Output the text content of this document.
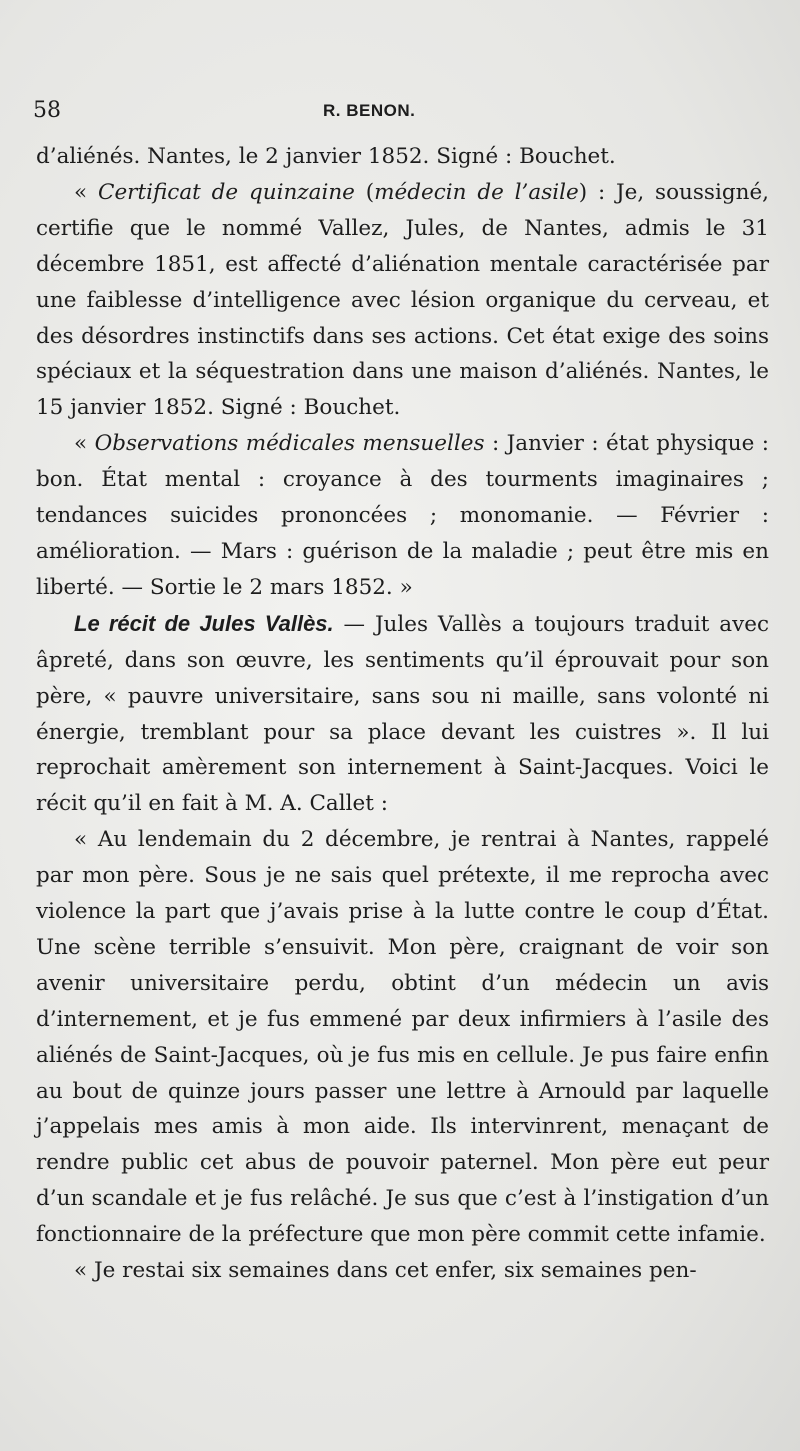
58	R. BENON.

d’aliénés. Nantes, le 2 janvier 1852. Signé : Bouchet.

« Certificat de quinzaine (médecin de l’asile) : Je, soussigné, certifie que le nommé Vallez, Jules, de Nantes, admis le 31 décembre 1851, est affecté d’aliénation mentale caractérisée par une faiblesse d’intelligence avec lésion organique du cerveau, et des désordres instinctifs dans ses actions. Cet état exige des soins spéciaux et la séquestration dans une maison d’aliénés. Nantes, le 15 janvier 1852. Signé : Bouchet.

« Observations médicales mensuelles : Janvier : état physique : bon. État mental : croyance à des tourments imaginaires ; tendances suicides prononcées ; monomanie. — Février : amélioration. — Mars : guérison de la maladie ; peut être mis en liberté. — Sortie le 2 mars 1852. »

Le récit de Jules Vallès. — Jules Vallès a toujours traduit avec âpreté, dans son œuvre, les sentiments qu’il éprouvait pour son père, « pauvre universitaire, sans sou ni maille, sans volonté ni énergie, tremblant pour sa place devant les cuistres ». Il lui reprochait amèrement son internement à Saint-Jacques. Voici le récit qu’il en fait à M. A. Callet :

« Au lendemain du 2 décembre, je rentrai à Nantes, rappelé par mon père. Sous je ne sais quel prétexte, il me reprocha avec violence la part que j’avais prise à la lutte contre le coup d’État. Une scène terrible s’ensuivit. Mon père, craignant de voir son avenir universitaire perdu, obtint d’un médecin un avis d’internement, et je fus emmené par deux infirmiers à l’asile des aliénés de Saint-Jacques, où je fus mis en cellule. Je pus faire enfin au bout de quinze jours passer une lettre à Arnould par laquelle j’appelais mes amis à mon aide. Ils intervinrent, menaçant de rendre public cet abus de pouvoir paternel. Mon père eut peur d’un scandale et je fus relâché. Je sus que c’est à l’instigation d’un fonctionnaire de la préfecture que mon père commit cette infamie.

« Je restai six semaines dans cet enfer, six semaines pen-
